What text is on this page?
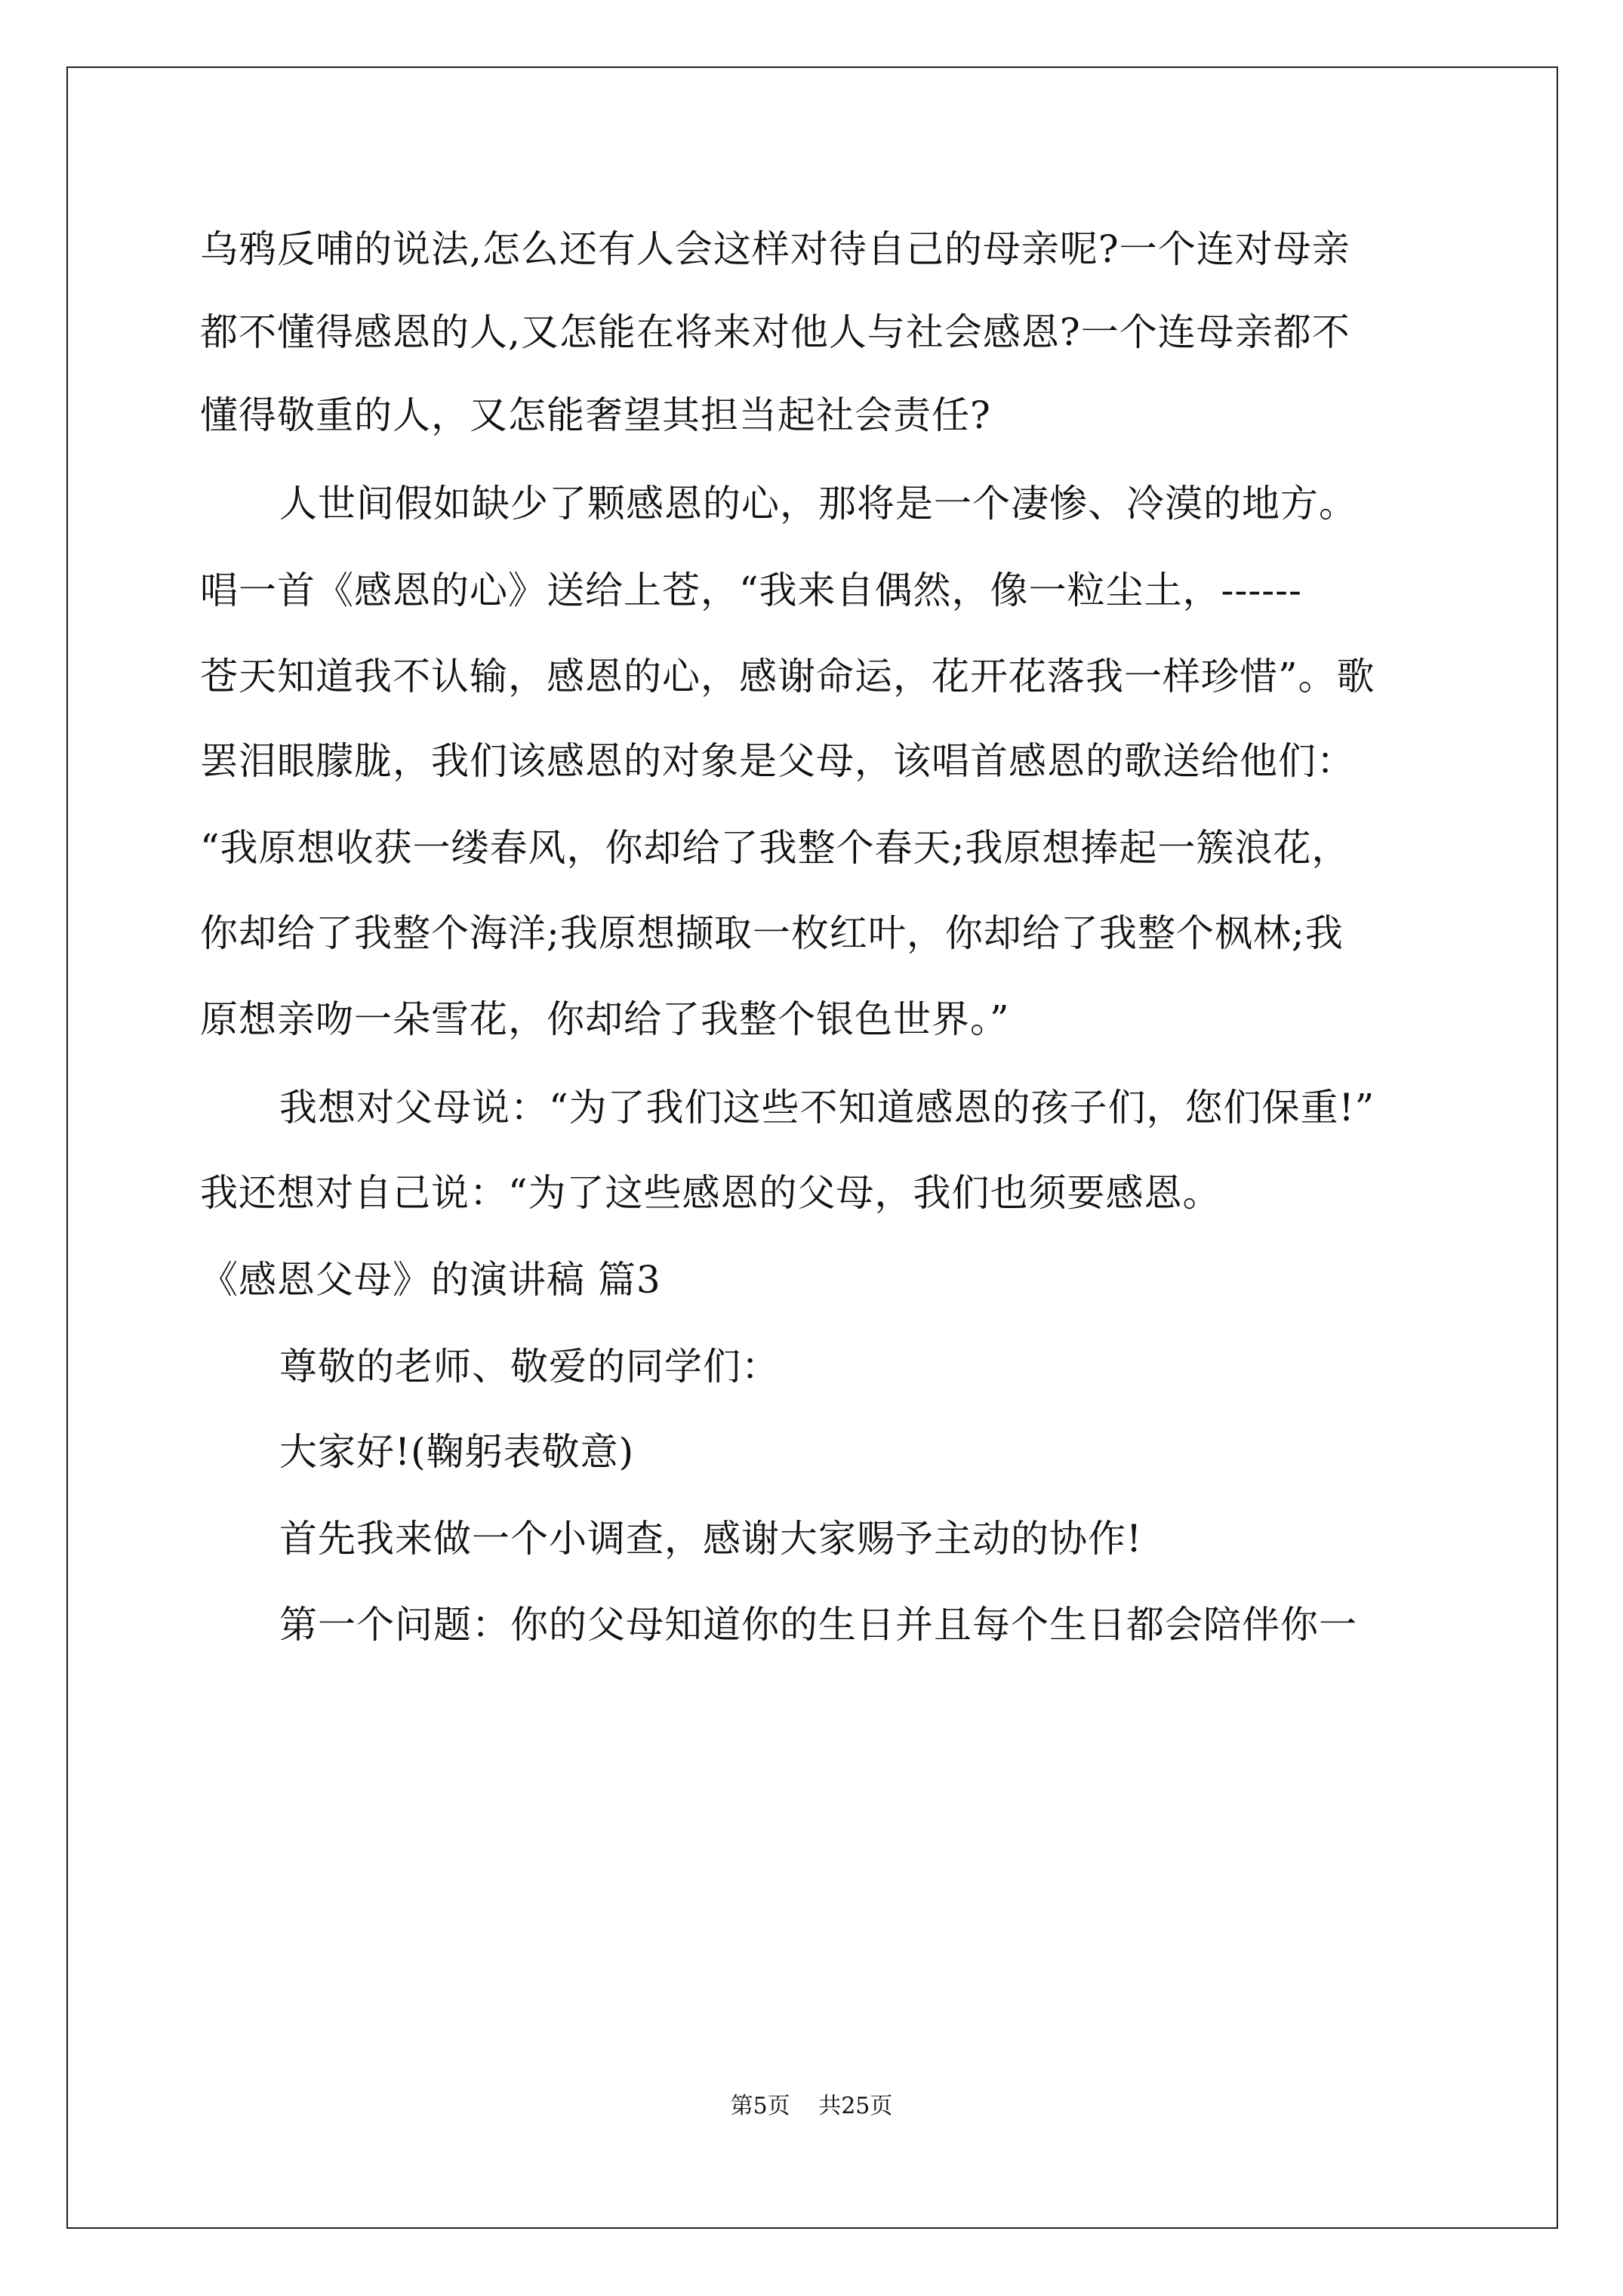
乌鸦反哺的说法,怎么还有人会这样对待自己的母亲呢?一个连对母亲
都不懂得感恩的人,又怎能在将来对他人与社会感恩?一个连母亲都不
懂得敬重的人，又怎能奢望其担当起社会责任?
人世间假如缺少了颗感恩的心，那将是一个凄惨、冷漠的地方。
唱一首《感恩的心》送给上苍，“我来自偶然，像一粒尘土，------
苍天知道我不认输，感恩的心，感谢命运，花开花落我一样珍惜”。歌
罢泪眼朦胧，我们该感恩的对象是父母，该唱首感恩的歌送给他们：
“我原想收获一缕春风，你却给了我整个春天;我原想捧起一簇浪花，
你却给了我整个海洋;我原想撷取一枚红叶，你却给了我整个枫林;我
原想亲吻一朵雪花，你却给了我整个银色世界。”
我想对父母说：“为了我们这些不知道感恩的孩子们，您们保重!”
我还想对自己说：“为了这些感恩的父母，我们也须要感恩。
《感恩父母》的演讲稿 篇3
尊敬的老师、敬爱的同学们：
大家好!(鞠躬表敬意)
首先我来做一个小调查，感谢大家赐予主动的协作!
第一个问题：你的父母知道你的生日并且每个生日都会陪伴你一
第5页 共25页
